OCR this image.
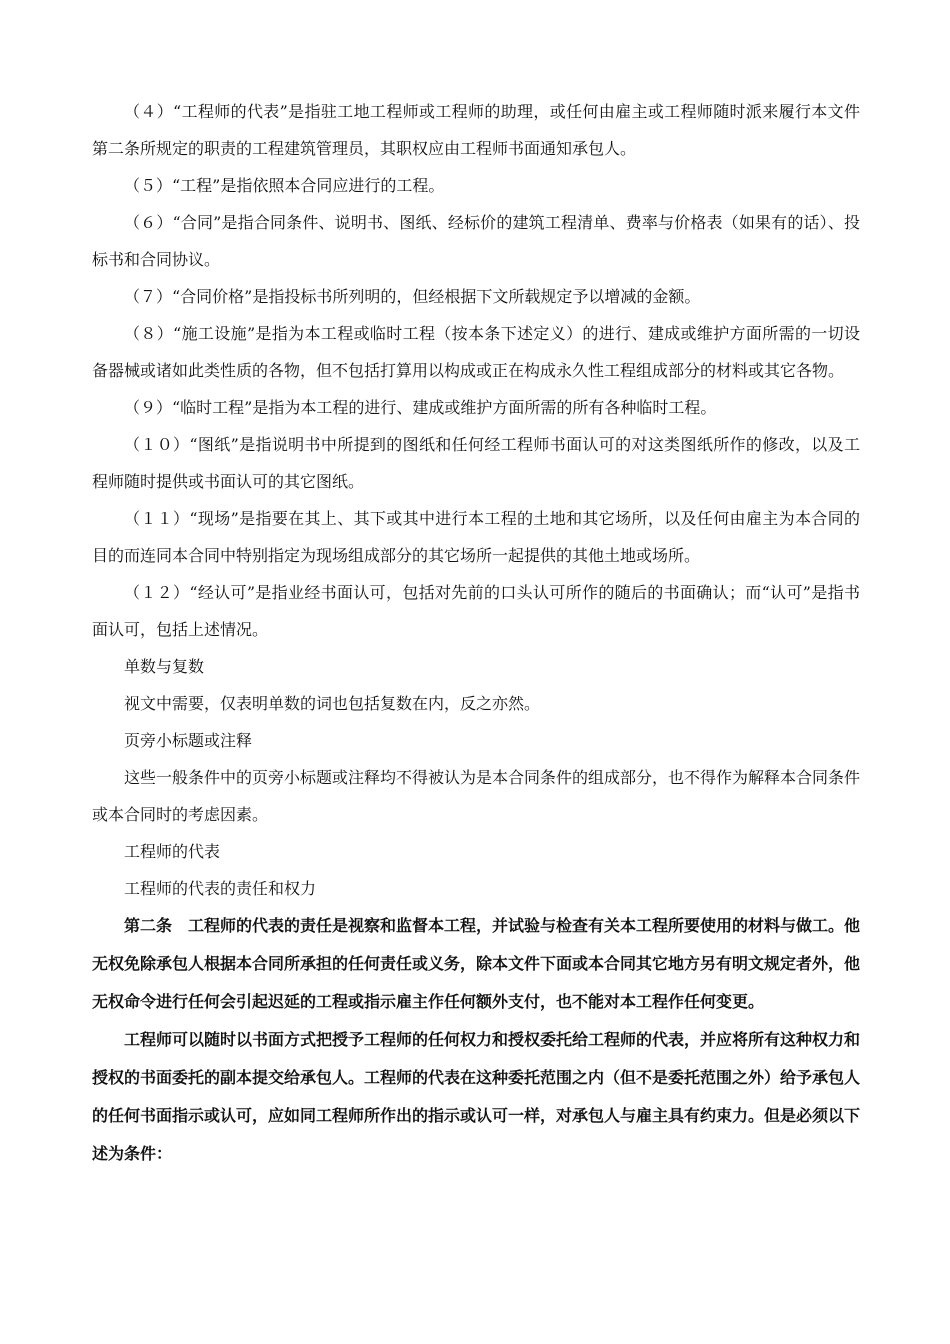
（４）“工程师的代表”是指驻工地工程师或工程师的助理，或任何由雇主或工程师随时派来履行本文件第二条所规定的职责的工程建筑管理员，其职权应由工程师书面通知承包人。

（５）“工程”是指依照本合同应进行的工程。

（６）“合同”是指合同条件、说明书、图纸、经标价的建筑工程清单、费率与价格表（如果有的话）、投标书和合同协议。

（７）“合同价格”是指投标书所列明的，但经根据下文所载规定予以增减的金额。

（８）“施工设施”是指为本工程或临时工程（按本条下述定义）的进行、建成或维护方面所需的一切设备器械或诸如此类性质的各物，但不包括打算用以构成或正在构成永久性工程组成部分的材料或其它各物。

（９）“临时工程”是指为本工程的进行、建成或维护方面所需的所有各种临时工程。

（１０）“图纸”是指说明书中所提到的图纸和任何经工程师书面认可的对这类图纸所作的修改，以及工程师随时提供或书面认可的其它图纸。

（１１）“现场”是指要在其上、其下或其中进行本工程的土地和其它场所，以及任何由雇主为本合同的目的而连同本合同中特别指定为现场组成部分的其它场所一起提供的其他土地或场所。

（１２）“经认可”是指业经书面认可，包括对先前的口头认可所作的随后的书面确认；而“认可”是指书面认可，包括上述情况。

单数与复数

视文中需要，仅表明单数的词也包括复数在内，反之亦然。

页旁小标题或注释

这些一般条件中的页旁小标题或注释均不得被认为是本合同条件的组成部分，也不得作为解释本合同条件或本合同时的考虑因素。

工程师的代表

工程师的代表的责任和权力

第二条　工程师的代表的责任是视察和监督本工程，并试验与检查有关本工程所要使用的材料与做工。他无权免除承包人根据本合同所承担的任何责任或义务，除本文件下面或本合同其它地方另有明文规定者外，他无权命令进行任何会引起迟延的工程或指示雇主作任何额外支付，也不能对本工程作任何变更。

工程师可以随时以书面方式把授予工程师的任何权力和授权委托给工程师的代表，并应将所有这种权力和授权的书面委托的副本提交给承包人。工程师的代表在这种委托范围之内（但不是委托范围之外）给予承包人的任何书面指示或认可，应如同工程师所作出的指示或认可一样，对承包人与雇主具有约束力。但是必须以下述为条件：
